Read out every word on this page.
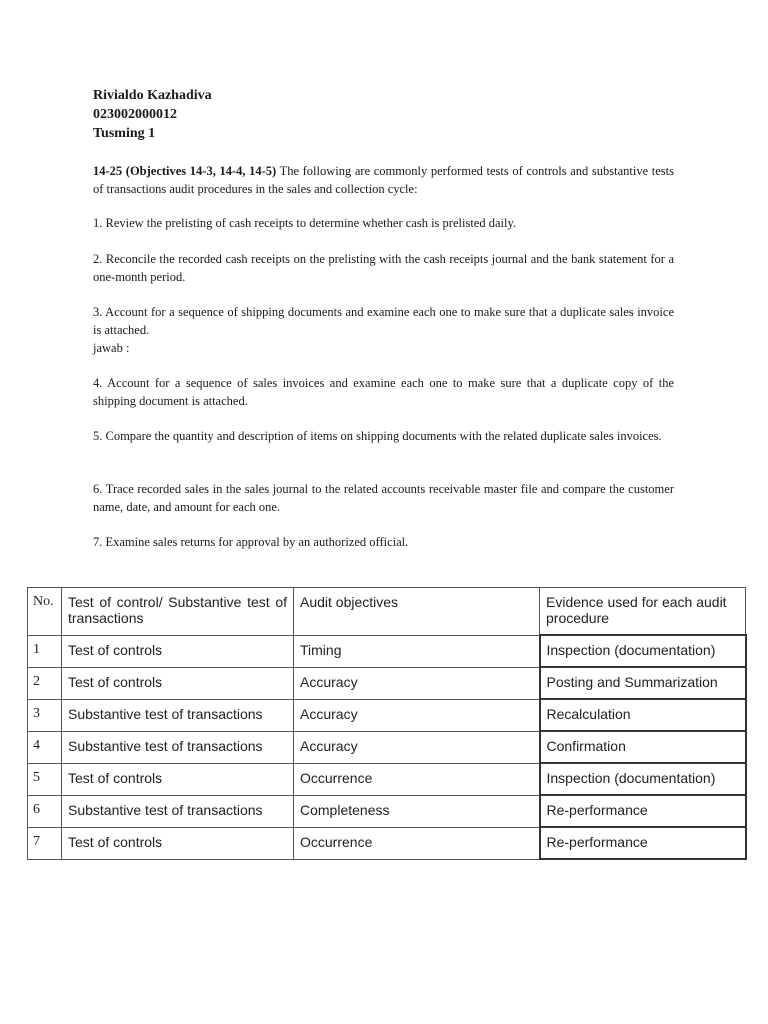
Rivialdo Kazhadiva
023002000012
Tusming 1
14-25 (Objectives 14-3, 14-4, 14-5) The following are commonly performed tests of controls and substantive tests of transactions audit procedures in the sales and collection cycle:
1. Review the prelisting of cash receipts to determine whether cash is prelisted daily.
2. Reconcile the recorded cash receipts on the prelisting with the cash receipts journal and the bank statement for a one-month period.
3. Account for a sequence of shipping documents and examine each one to make sure that a duplicate sales invoice is attached.
jawab :
4. Account for a sequence of sales invoices and examine each one to make sure that a duplicate copy of the shipping document is attached.
5. Compare the quantity and description of items on shipping documents with the related duplicate sales invoices.
6. Trace recorded sales in the sales journal to the related accounts receivable master file and compare the customer name, date, and amount for each one.
7. Examine sales returns for approval by an authorized official.
No.	Test of control/ Substantive test of transactions	Audit objectives	Evidence used for each audit procedure
1	Test of controls	Timing	Inspection (documentation)
2	Test of controls	Accuracy	Posting and Summarization
3	Substantive test of transactions	Accuracy	Recalculation
4	Substantive test of transactions	Accuracy	Confirmation
5	Test of controls	Occurrence	Inspection (documentation)
6	Substantive test of transactions	Completeness	Re-performance
7	Test of controls	Occurrence	Re-performance
